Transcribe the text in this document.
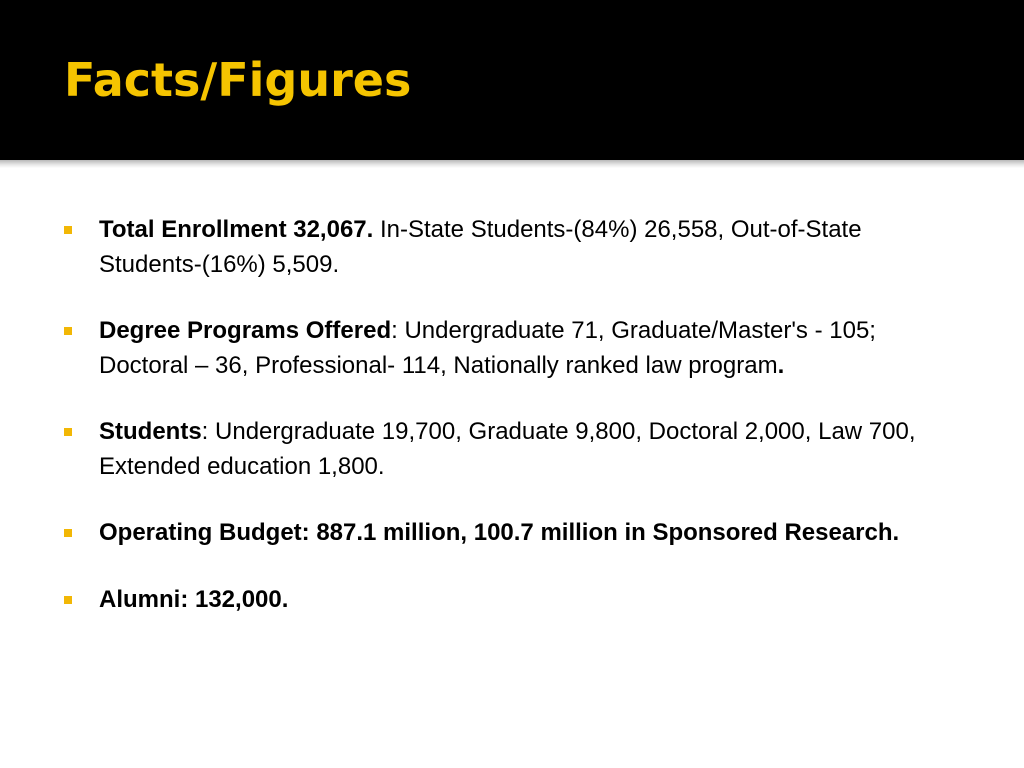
Facts/Figures
Total Enrollment 32,067. In-State Students-(84%) 26,558, Out-of-State Students-(16%) 5,509.
Degree Programs Offered: Undergraduate 71, Graduate/Master's - 105; Doctoral – 36, Professional- 114, Nationally ranked law program.
Students: Undergraduate 19,700, Graduate 9,800, Doctoral 2,000, Law 700, Extended education 1,800.
Operating Budget: 887.1 million, 100.7 million in Sponsored Research.
Alumni: 132,000.
